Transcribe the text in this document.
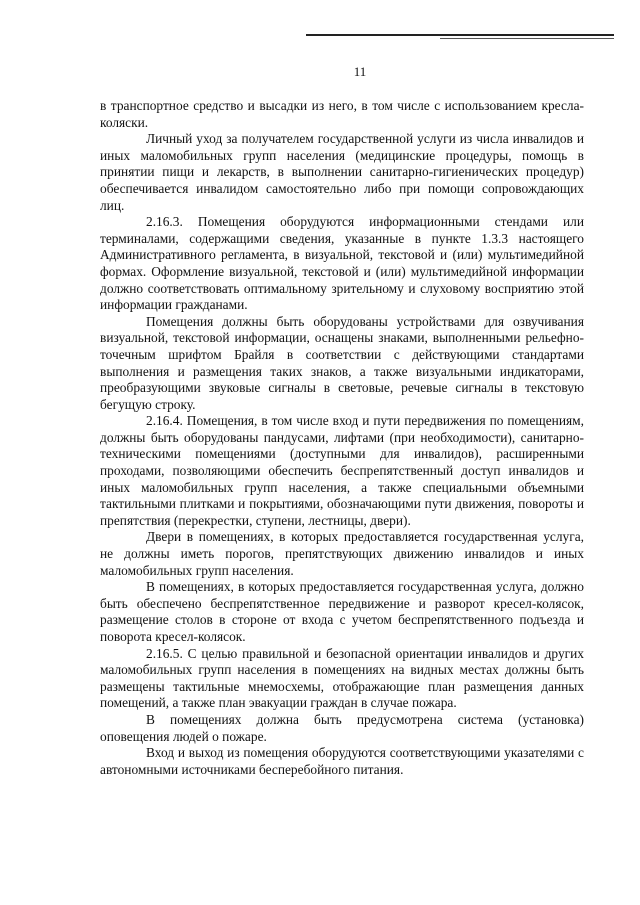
11

в транспортное средство и высадки из него, в том числе с использованием кресла-коляски.

Личный уход за получателем государственной услуги из числа инвалидов и иных маломобильных групп населения (медицинские процедуры, помощь в принятии пищи и лекарств, в выполнении санитарно-гигиенических процедур) обеспечивается инвалидом самостоятельно либо при помощи сопровождающих лиц.

2.16.3. Помещения оборудуются информационными стендами или терминалами, содержащими сведения, указанные в пункте 1.3.3 настоящего Административного регламента, в визуальной, текстовой и (или) мультимедийной формах. Оформление визуальной, текстовой и (или) мультимедийной информации должно соответствовать оптимальному зрительному и слуховому восприятию этой информации гражданами.

Помещения должны быть оборудованы устройствами для озвучивания визуальной, текстовой информации, оснащены знаками, выполненными рельефно-точечным шрифтом Брайля в соответствии с действующими стандартами выполнения и размещения таких знаков, а также визуальными индикаторами, преобразующими звуковые сигналы в световые, речевые сигналы в текстовую бегущую строку.

2.16.4. Помещения, в том числе вход и пути передвижения по помещениям, должны быть оборудованы пандусами, лифтами (при необходимости), санитарно-техническими помещениями (доступными для инвалидов), расширенными проходами, позволяющими обеспечить беспрепятственный доступ инвалидов и иных маломобильных групп населения, а также специальными объемными тактильными плитками и покрытиями, обозначающими пути движения, повороты и препятствия (перекрестки, ступени, лестницы, двери).

Двери в помещениях, в которых предоставляется государственная услуга, не должны иметь порогов, препятствующих движению инвалидов и иных маломобильных групп населения.

В помещениях, в которых предоставляется государственная услуга, должно быть обеспечено беспрепятственное передвижение и разворот кресел-колясок, размещение столов в стороне от входа с учетом беспрепятственного подъезда и поворота кресел-колясок.

2.16.5. С целью правильной и безопасной ориентации инвалидов и других маломобильных групп населения в помещениях на видных местах должны быть размещены тактильные мнемосхемы, отображающие план размещения данных помещений, а также план эвакуации граждан в случае пожара.

В помещениях должна быть предусмотрена система (установка) оповещения людей о пожаре.

Вход и выход из помещения оборудуются соответствующими указателями с автономными источниками бесперебойного питания.
